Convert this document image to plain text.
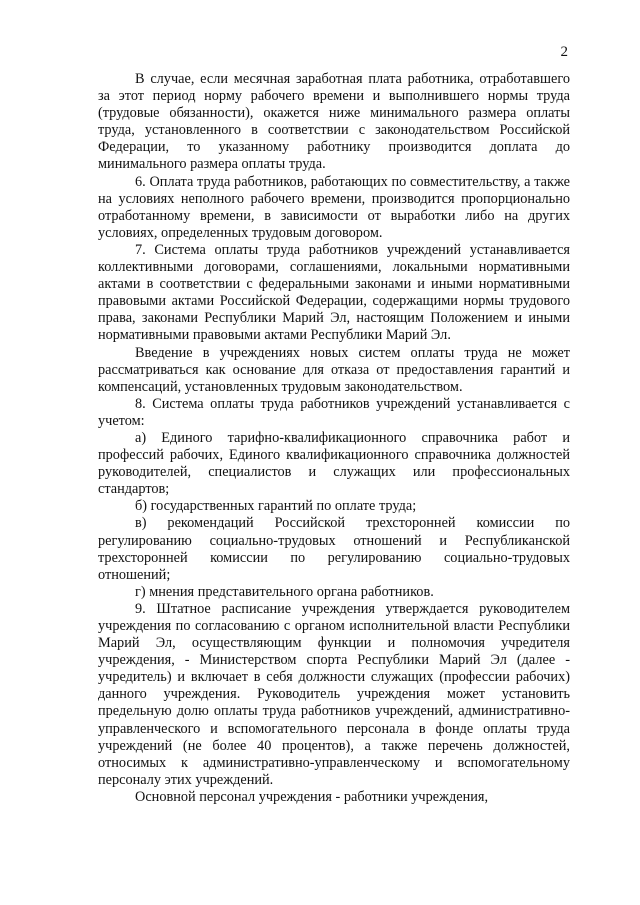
2

В случае, если месячная заработная плата работника, отработавшего за этот период норму рабочего времени и выполнившего нормы труда (трудовые обязанности), окажется ниже минимального размера оплаты труда, установленного в соответствии с законодательством Российской Федерации, то указанному работнику производится доплата до минимального размера оплаты труда.

6. Оплата труда работников, работающих по совместительству, а также на условиях неполного рабочего времени, производится пропорционально отработанному времени, в зависимости от выработки либо на других условиях, определенных трудовым договором.

7. Система оплаты труда работников учреждений устанавливается коллективными договорами, соглашениями, локальными нормативными актами в соответствии с федеральными законами и иными нормативными правовыми актами Российской Федерации, содержащими нормы трудового права, законами Республики Марий Эл, настоящим Положением и иными нормативными правовыми актами Республики Марий Эл.

Введение в учреждениях новых систем оплаты труда не может рассматриваться как основание для отказа от предоставления гарантий и компенсаций, установленных трудовым законодательством.

8. Система оплаты труда работников учреждений устанавливается с учетом:

а) Единого тарифно-квалификационного справочника работ и профессий рабочих, Единого квалификационного справочника должностей руководителей, специалистов и служащих или профессиональных стандартов;

б) государственных гарантий по оплате труда;

в) рекомендаций Российской трехсторонней комиссии по регулированию социально-трудовых отношений и Республиканской трехсторонней комиссии по регулированию социально-трудовых отношений;

г) мнения представительного органа работников.

9. Штатное расписание учреждения утверждается руководителем учреждения по согласованию с органом исполнительной власти Республики Марий Эл, осуществляющим функции и полномочия учредителя учреждения, - Министерством спорта Республики Марий Эл (далее - учредитель) и включает в себя должности служащих (профессии рабочих) данного учреждения. Руководитель учреждения может установить предельную долю оплаты труда работников учреждений, административно-управленческого и вспомогательного персонала в фонде оплаты труда учреждений (не более 40 процентов), а также перечень должностей, относимых к административно-управленческому и вспомогательному персоналу этих учреждений.

Основной персонал учреждения - работники учреждения,
